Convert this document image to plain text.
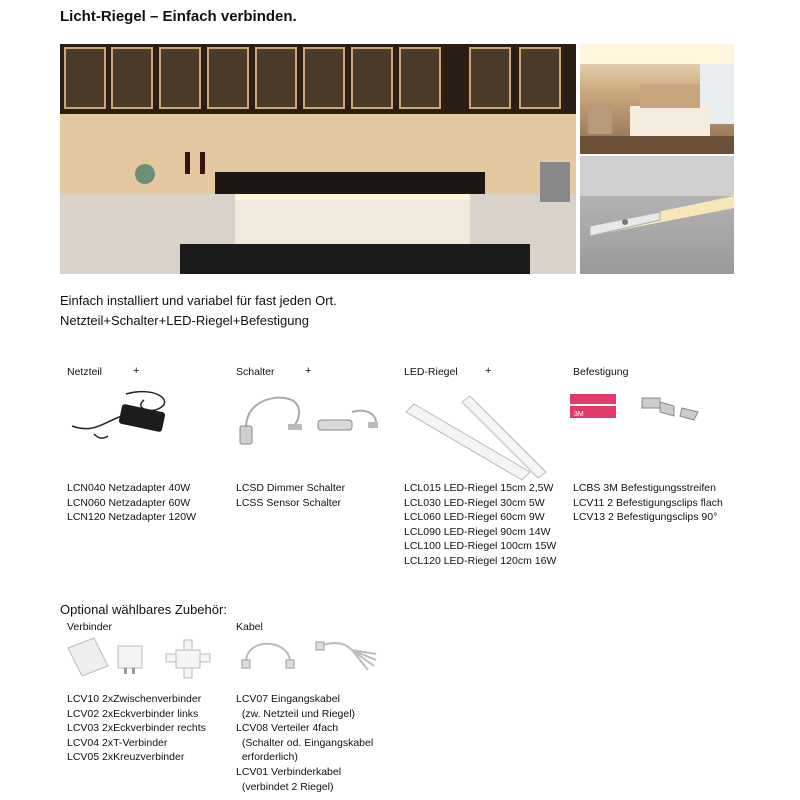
Licht-Riegel – Einfach verbinden.
Einfach installiert und variabel für fast jeden Ort.
Netzteil+Schalter+LED-Riegel+Befestigung
Netzteil	+
LCN040 Netzadapter 40W
LCN060 Netzadapter 60W
LCN120 Netzadapter 120W
Schalter	+
LCSD Dimmer Schalter
LCSS Sensor Schalter
LED-Riegel +
LCL015 LED-Riegel 15cm 2,5W
LCL030 LED-Riegel 30cm 5W
LCL060 LED-Riegel 60cm 9W
LCL090 LED-Riegel 90cm 14W
LCL100 LED-Riegel 100cm 15W
LCL120 LED-Riegel 120cm 16W
Befestigung
3M
LCBS 3M Befestigungsstreifen
LCV11 2 Befestigungsclips flach
LCV13 2 Befestigungsclips 90°
Optional wählbares Zubehör:
Verbinder
LCV10 2xZwischenverbinder
LCV02 2xEckverbinder links
LCV03 2xEckverbinder rechts
LCV04 2xT-Verbinder
LCV05 2xKreuzverbinder
Kabel
LCV07 Eingangskabel
(zw. Netzteil und Riegel)
LCV08 Verteiler 4fach
(Schalter od. Eingangskabel
erforderlich)
LCV01 Verbinderkabel
(verbindet 2 Riegel)
